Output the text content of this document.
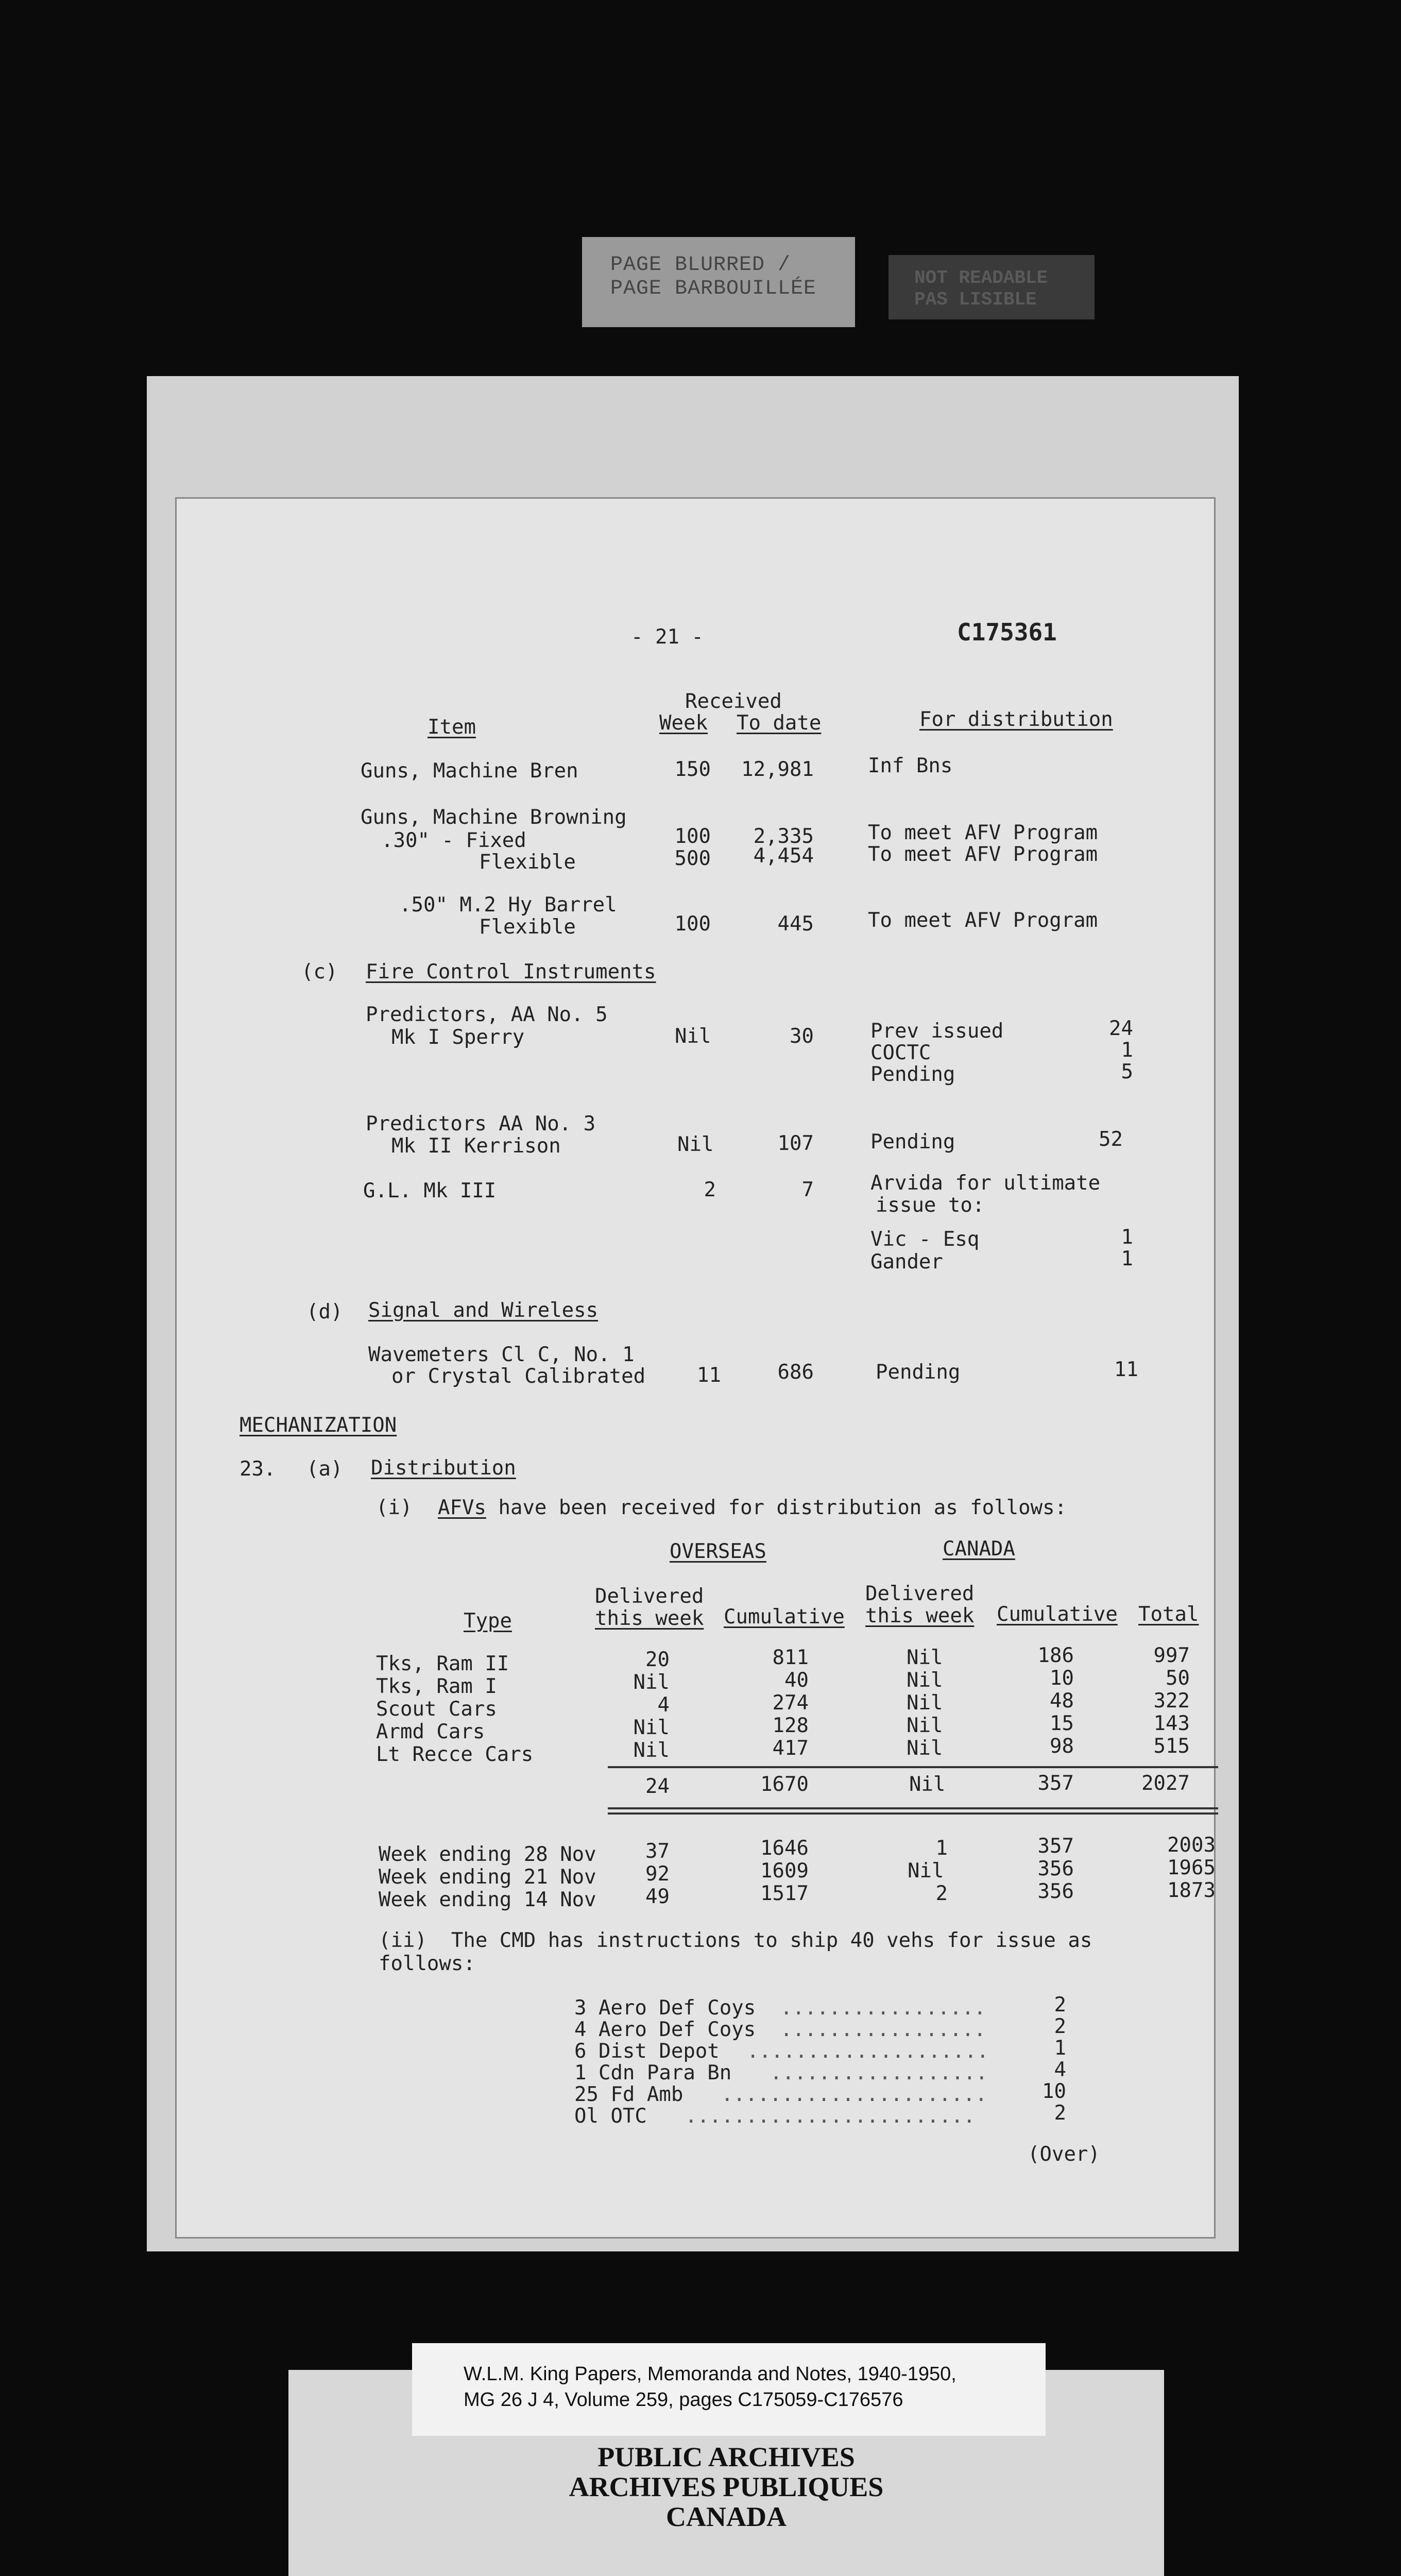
PAGE BLURRED /
PAGE BARBOUILLÉE	NOT READABLE
PAS LISIBLE
- 21 -	C175361
Received
Item	Week To date	For distribution
Guns, Machine Bren	150	12,981	Inf Bns
Guns, Machine Browning
.30" - Fixed	100	2,335	To meet AFV Program
Flexible	500	4,454	To meet AFV Program
.50" M.2 Hy Barrel
Flexible	100	445	To meet AFV Program
(c) Fire Control Instruments
Predictors, AA No. 5
Mk I Sperry	Nil	30	Prev issued	24
COCTC	1
Pending	5
Predictors AA No. 3
Mk II Kerrison	Nil	107	Pending	52
G.L. Mk III	2	7	Arvida for ultimate
issue to:
Vic - Esq	1
Gander	1
(d) Signal and Wireless
Wavemeters Cl C, No. 1
or Crystal Calibrated	11	686	Pending	11
MECHANIZATION
23. (a) Distribution
(i) AFVs have been received for distribution as follows:
OVERSEAS	CANADA
Delivered
this week Cumulative
Delivered
this week Cumulative Total
Type
Tks, Ram II	20	811	Nil	186	997
Tks, Ram I	Nil	40	Nil	10	50
Scout Cars	4	274	Nil	48	322
Armd Cars	Nil	128	Nil	15	143
Lt Recce Cars	Nil	417	Nil	98	515
24	1670	Nil	357	2027
Week ending 28 Nov	37	1646	1	357	2003
Week ending 21 Nov	92	1609	Nil	356	1965
Week ending 14 Nov	49	1517	2	356	1873
(ii)  The CMD has instructions to ship 40 vehs for issue as
follows:
3 Aero Def Coys .................	2
4 Aero Def Coys .................	2
6 Dist Depot ....................	1
1 Cdn Para Bn ..................	4
25 Fd Amb ......................	10
Ol OTC ........................	2
(Over)
W.L.M. King Papers, Memoranda and Notes, 1940-1950,
MG 26 J 4, Volume 259, pages C175059-C176576
PUBLIC ARCHIVES
ARCHIVES PUBLIQUES
CANADA
